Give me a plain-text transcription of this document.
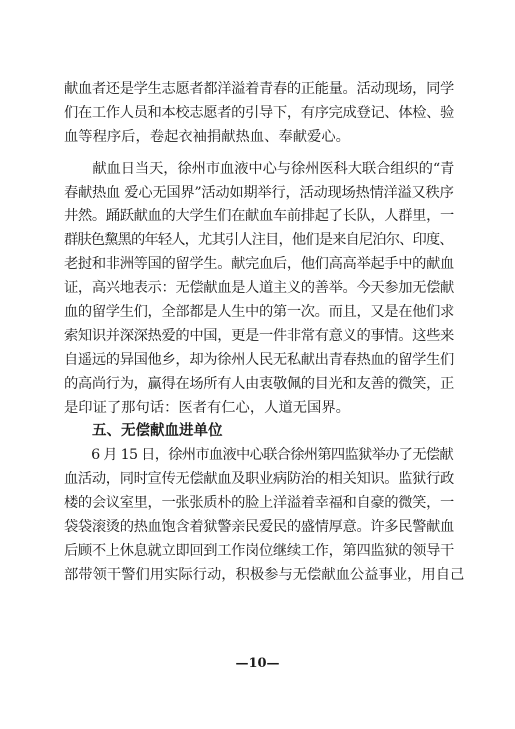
献血者还是学生志愿者都洋溢着青春的正能量。活动现场，同学
们在工作人员和本校志愿者的引导下，有序完成登记、体检、验
血等程序后，卷起衣袖捐献热血、奉献爱心。
　　献血日当天，徐州市血液中心与徐州医科大联合组织的“青
春献热血 爱心无国界”活动如期举行，活动现场热情洋溢又秩序
井然。踊跃献血的大学生们在献血车前排起了长队，人群里，一
群肤色黧黑的年轻人，尤其引人注目，他们是来自尼泊尔、印度、
老挝和非洲等国的留学生。献完血后，他们高高举起手中的献血
证，高兴地表示：无偿献血是人道主义的善举。今天参加无偿献
血的留学生们，全部都是人生中的第一次。而且，又是在他们求
索知识并深深热爱的中国，更是一件非常有意义的事情。这些来
自遥远的异国他乡，却为徐州人民无私献出青春热血的留学生们
的高尚行为，赢得在场所有人由衷敬佩的目光和友善的微笑，正
是印证了那句话：医者有仁心，人道无国界。
五、无偿献血进单位
　　6 月 15 日，徐州市血液中心联合徐州第四监狱举办了无偿献
血活动，同时宣传无偿献血及职业病防治的相关知识。监狱行政
楼的会议室里，一张张质朴的脸上洋溢着幸福和自豪的微笑，一
袋袋滚烫的热血饱含着狱警亲民爱民的盛情厚意。许多民警献血
后顾不上休息就立即回到工作岗位继续工作，第四监狱的领导干
部带领干警们用实际行动，积极参与无偿献血公益事业，用自己
—10—
